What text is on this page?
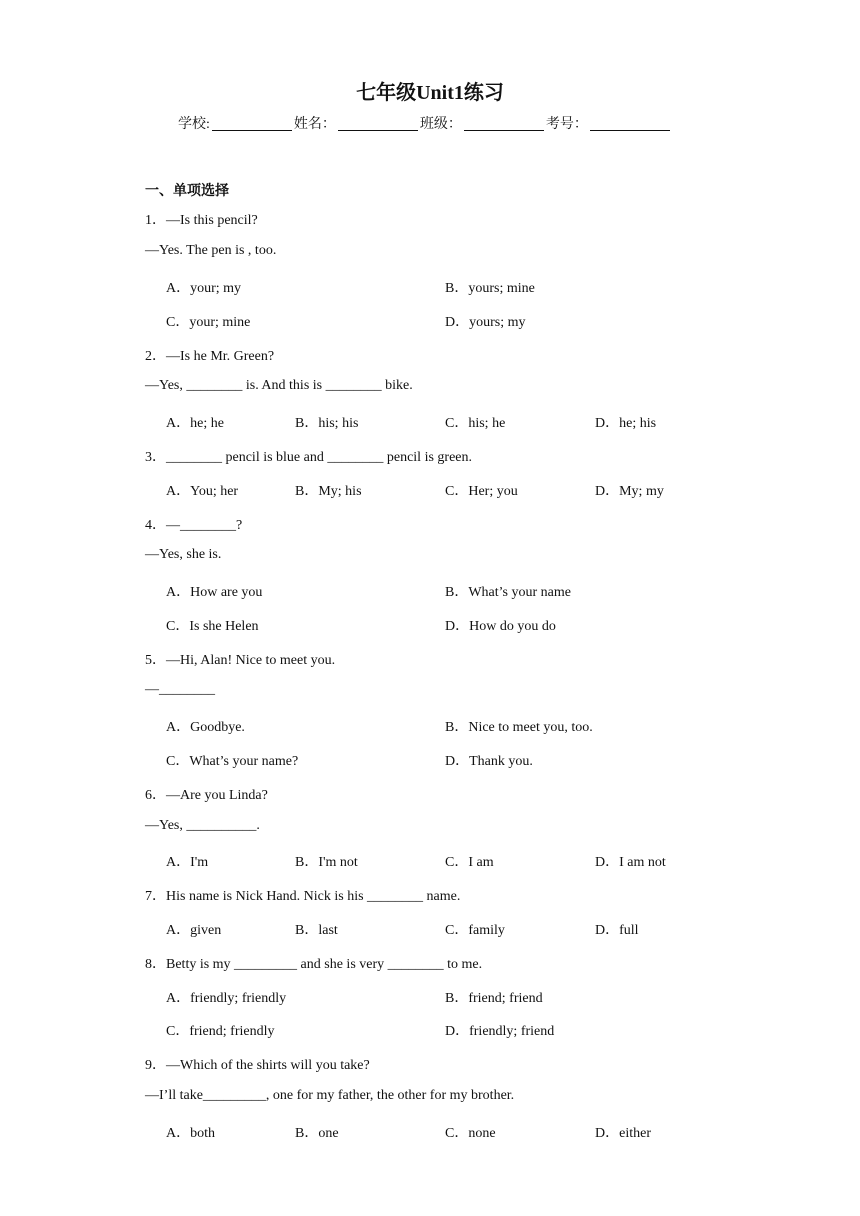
七年级Unit1练习
学校:	姓名：	班级：	考号：
一、单项选择
1．—Is this pencil?
—Yes. The pen is , too.
A．your; my	B．yours; mine
C．your; mine	D．yours; my
2．—Is he Mr. Green?
—Yes, ________ is. And this is ________ bike.
A．he; he	B．his; his	C．his; he	D．he; his
3．________ pencil is blue and ________ pencil is green.
A．You; her	B．My; his	C．Her; you	D．My; my
4．—________?
—Yes, she is.
A．How are you	B．What’s your name
C．Is she Helen	D．How do you do
5．—Hi, Alan! Nice to meet you.
—________
A．Goodbye.	B．Nice to meet you, too.
C．What’s your name?	D．Thank you.
6．—Are you Linda?
—Yes, __________.
A．I'm	B．I'm not	C．I am	D．I am not
7．His name is Nick Hand. Nick is his ________ name.
A．given	B．last	C．family	D．full
8．Betty is my _________ and she is very ________ to me.
A．friendly; friendly	B．friend; friend
C．friend; friendly	D．friendly; friend
9．—Which of the shirts will you take?
—I’ll take_________, one for my father, the other for my brother.
A．both	B．one	C．none	D．either
